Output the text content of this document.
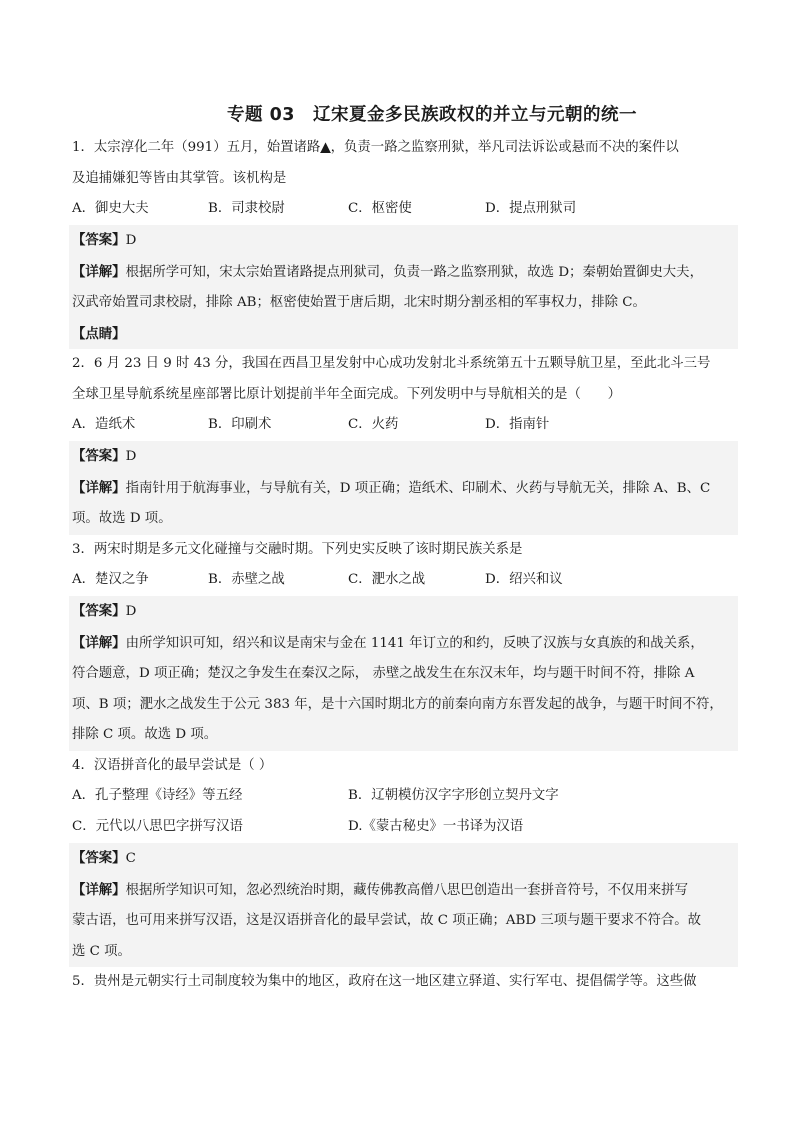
专题 03　辽宋夏金多民族政权的并立与元朝的统一
1．太宗淳化二年（991）五月，始置诸路▲，负责一路之监察刑狱，举凡司法诉讼或悬而不决的案件以
及追捕嫌犯等皆由其掌管。该机构是
A．御史大夫	B．司隶校尉	C．枢密使	D．提点刑狱司
【答案】D
【详解】根据所学可知，宋太宗始置诸路提点刑狱司，负责一路之监察刑狱，故选 D；秦朝始置御史大夫，
汉武帝始置司隶校尉，排除 AB；枢密使始置于唐后期，北宋时期分割丞相的军事权力，排除 C。
【点睛】
2．6 月 23 日 9 时 43 分，我国在西昌卫星发射中心成功发射北斗系统第五十五颗导航卫星，至此北斗三号
全球卫星导航系统星座部署比原计划提前半年全面完成。下列发明中与导航相关的是（　　）
A．造纸术	B．印刷术	C．火药	D．指南针
【答案】D
【详解】指南针用于航海事业，与导航有关，D 项正确；造纸术、印刷术、火药与导航无关，排除 A、B、C
项。故选 D 项。
3．两宋时期是多元文化碰撞与交融时期。下列史实反映了该时期民族关系是
A．楚汉之争	B．赤壁之战	C．淝水之战	D．绍兴和议
【答案】D
【详解】由所学知识可知，绍兴和议是南宋与金在 1141 年订立的和约，反映了汉族与女真族的和战关系，
符合题意，D 项正确；楚汉之争发生在秦汉之际， 赤壁之战发生在东汉末年，均与题干时间不符，排除 A
项、B 项；淝水之战发生于公元 383 年，是十六国时期北方的前秦向南方东晋发起的战争，与题干时间不符，
排除 C 项。故选 D 项。
4．汉语拼音化的最早尝试是（ ）
A．孔子整理《诗经》等五经	B．辽朝模仿汉字字形创立契丹文字
C．元代以八思巴字拼写汉语	D.《蒙古秘史》一书译为汉语
【答案】C
【详解】根据所学知识可知，忽必烈统治时期，藏传佛教高僧八思巴创造出一套拼音符号，不仅用来拼写
蒙古语，也可用来拼写汉语，这是汉语拼音化的最早尝试，故 C 项正确；ABD 三项与题干要求不符合。故
选 C 项。
5．贵州是元朝实行土司制度较为集中的地区，政府在这一地区建立驿道、实行军屯、提倡儒学等。这些做
